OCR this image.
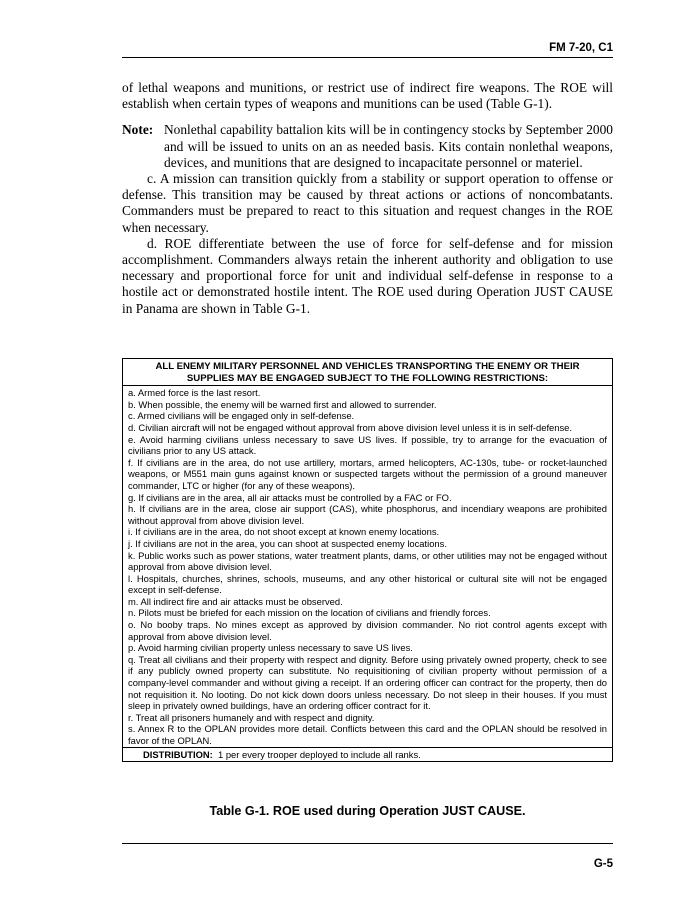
FM 7-20, C1

of lethal weapons and munitions, or restrict use of indirect fire weapons. The ROE will establish when certain types of weapons and munitions can be used (Table G-1).

Note: Nonlethal capability battalion kits will be in contingency stocks by September 2000 and will be issued to units on an as needed basis. Kits contain nonlethal weapons, devices, and munitions that are designed to incapacitate personnel or materiel.

c. A mission can transition quickly from a stability or support operation to offense or defense. This transition may be caused by threat actions or actions of noncombatants. Commanders must be prepared to react to this situation and request changes in the ROE when necessary.

d. ROE differentiate between the use of force for self-defense and for mission accomplishment. Commanders always retain the inherent authority and obligation to use necessary and proportional force for unit and individual self-defense in response to a hostile act or demonstrated hostile intent. The ROE used during Operation JUST CAUSE in Panama are shown in Table G-1.

ALL ENEMY MILITARY PERSONNEL AND VEHICLES TRANSPORTING THE ENEMY OR THEIR SUPPLIES MAY BE ENGAGED SUBJECT TO THE FOLLOWING RESTRICTIONS:

a. Armed force is the last resort.

b. When possible, the enemy will be warned first and allowed to surrender.

c. Armed civilians will be engaged only in self-defense.

d. Civilian aircraft will not be engaged without approval from above division level unless it is in self-defense.

e. Avoid harming civilians unless necessary to save US lives. If possible, try to arrange for the evacuation of civilians prior to any US attack.

f. If civilians are in the area, do not use artillery, mortars, armed helicopters, AC-130s, tube- or rocket-launched weapons, or M551 main guns against known or suspected targets without the permission of a ground maneuver commander, LTC or higher (for any of these weapons).

g. If civilians are in the area, all air attacks must be controlled by a FAC or FO.

h. If civilians are in the area, close air support (CAS), white phosphorus, and incendiary weapons are prohibited without approval from above division level.

i. If civilians are in the area, do not shoot except at known enemy locations.

j. If civilians are not in the area, you can shoot at suspected enemy locations.

k. Public works such as power stations, water treatment plants, dams, or other utilities may not be engaged without approval from above division level.

l. Hospitals, churches, shrines, schools, museums, and any other historical or cultural site will not be engaged except in self-defense.

m. All indirect fire and air attacks must be observed.

n. Pilots must be briefed for each mission on the location of civilians and friendly forces.

o. No booby traps. No mines except as approved by division commander. No riot control agents except with approval from above division level.

p. Avoid harming civilian property unless necessary to save US lives.

q. Treat all civilians and their property with respect and dignity. Before using privately owned property, check to see if any publicly owned property can substitute. No requisitioning of civilian property without permission of a company-level commander and without giving a receipt. If an ordering officer can contract for the property, then do not requisition it. No looting. Do not kick down doors unless necessary. Do not sleep in their houses. If you must sleep in privately owned buildings, have an ordering officer contract for it.

r. Treat all prisoners humanely and with respect and dignity.

s. Annex R to the OPLAN provides more detail. Conflicts between this card and the OPLAN should be resolved in favor of the OPLAN.

DISTRIBUTION: 1 per every trooper deployed to include all ranks.
Table G-1. ROE used during Operation JUST CAUSE.
G-5
